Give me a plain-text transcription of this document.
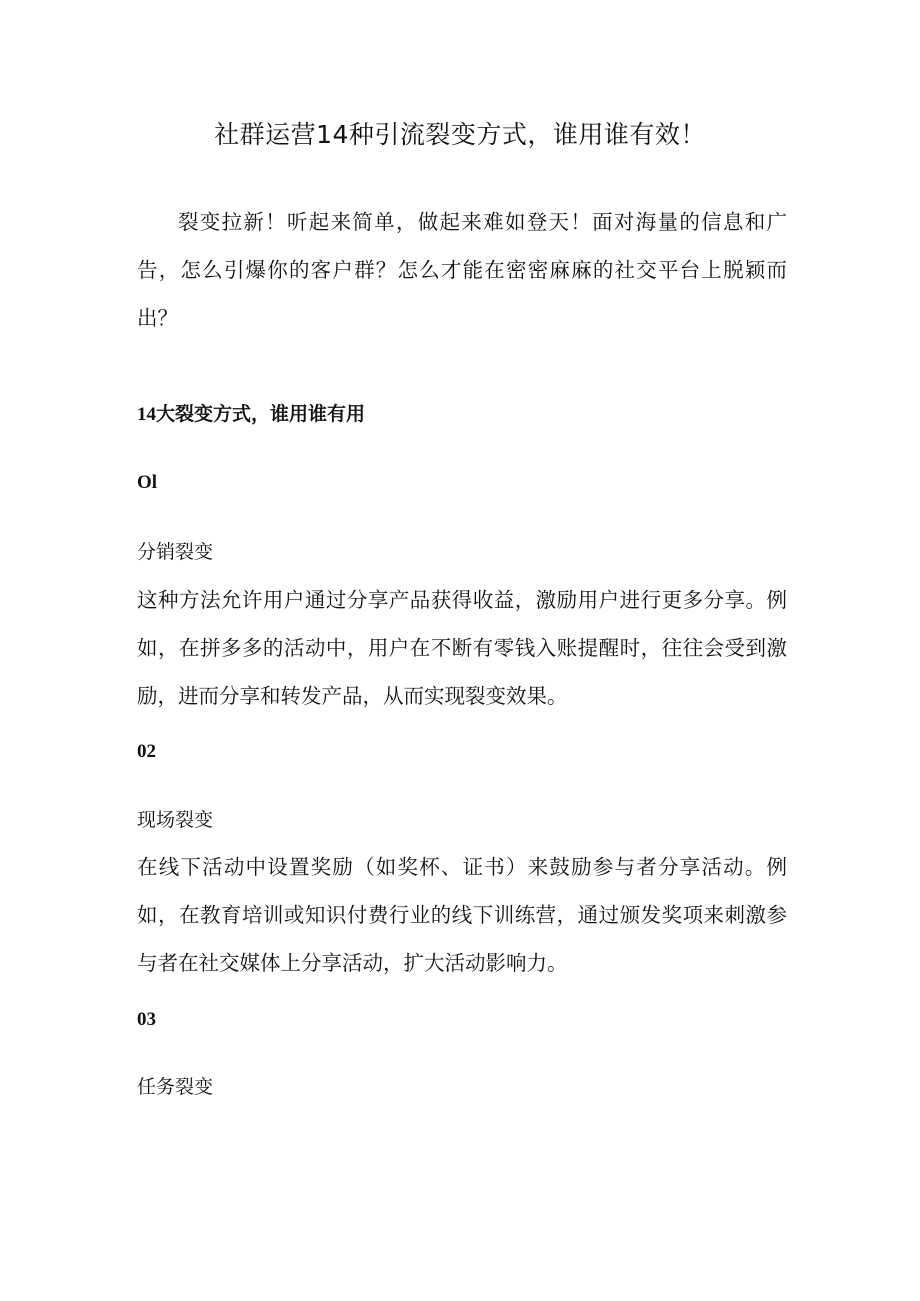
社群运营14种引流裂变方式，谁用谁有效！

裂变拉新！听起来简单，做起来难如登天！面对海量的信息和广告，怎么引爆你的客户群？怎么才能在密密麻麻的社交平台上脱颖而出？

14大裂变方式，谁用谁有用
Ol
分销裂变

这种方法允许用户通过分享产品获得收益，激励用户进行更多分享。例如，在拼多多的活动中，用户在不断有零钱入账提醒时，往往会受到激励，进而分享和转发产品，从而实现裂变效果。

02
现场裂变

在线下活动中设置奖励（如奖杯、证书）来鼓励参与者分享活动。例如，在教育培训或知识付费行业的线下训练营，通过颁发奖项来刺激参与者在社交媒体上分享活动，扩大活动影响力。

03
任务裂变
